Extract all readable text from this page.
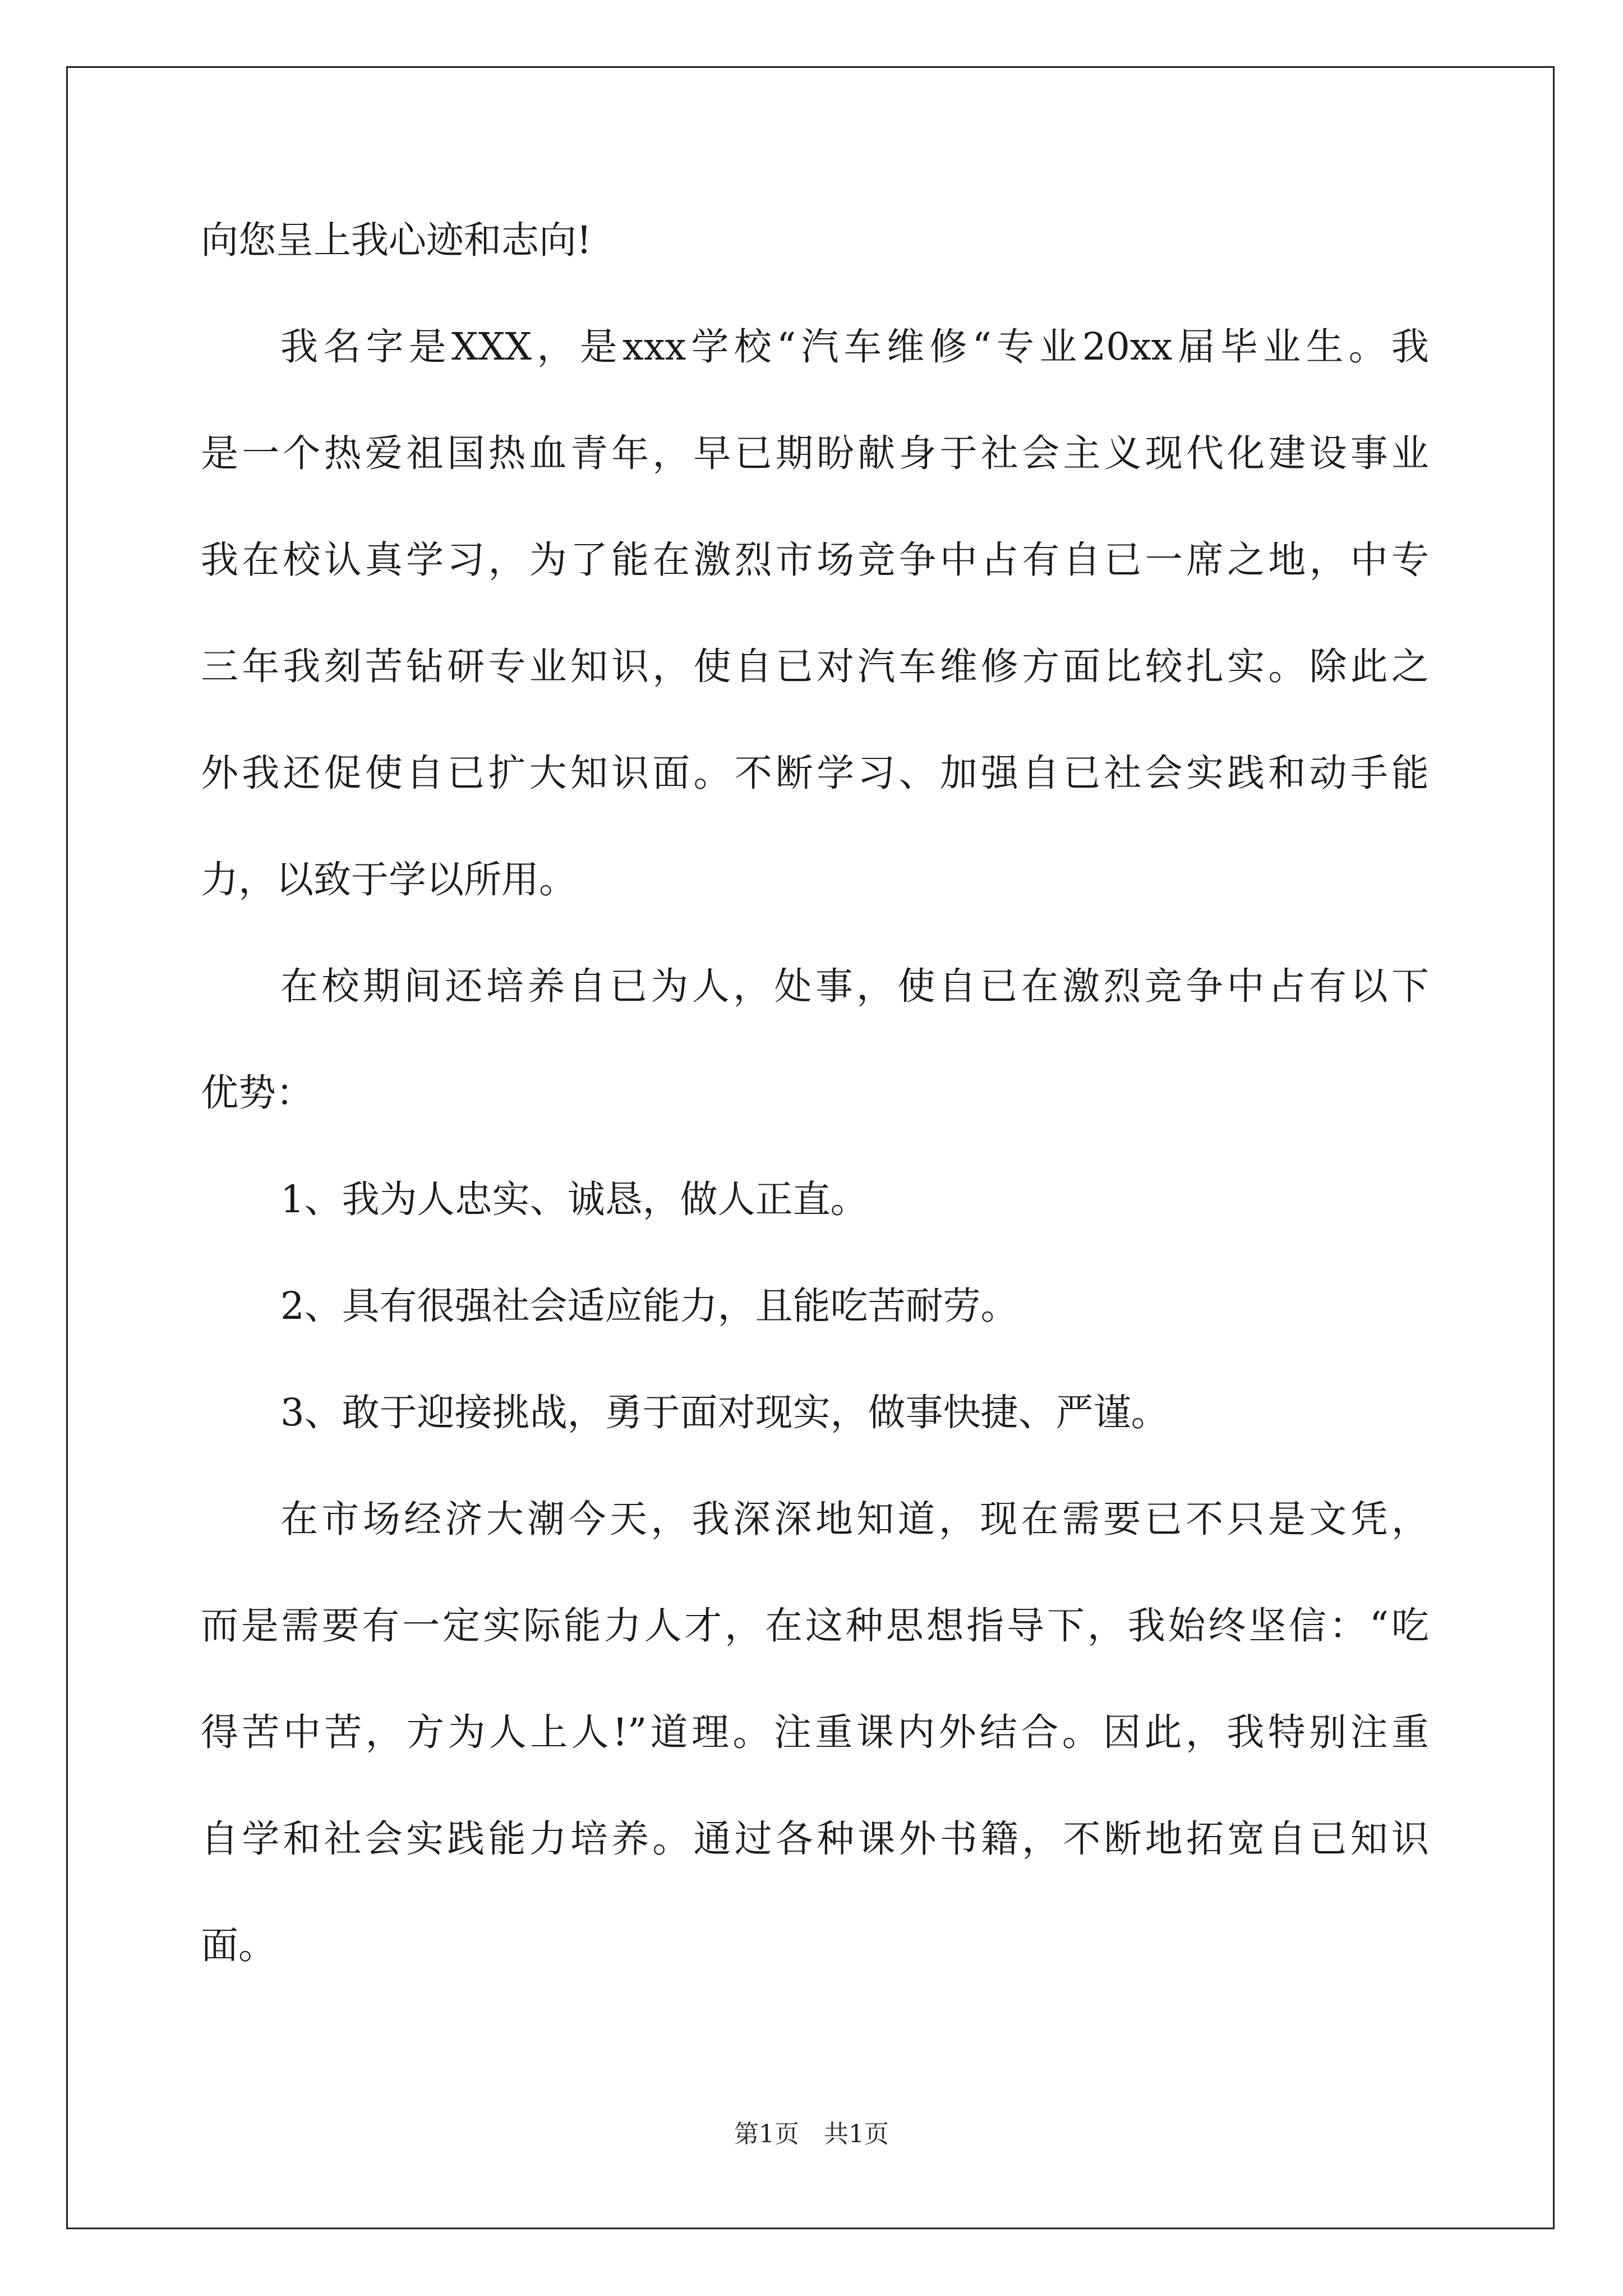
向您呈上我心迹和志向!
我名字是XXX，是xxx学校“汽车维修“专业20xx届毕业生。我
是一个热爱祖国热血青年，早已期盼献身于社会主义现代化建设事业
我在校认真学习，为了能在激烈市场竞争中占有自已一席之地，中专
三年我刻苦钻研专业知识，使自已对汽车维修方面比较扎实。除此之
外我还促使自已扩大知识面。不断学习、加强自已社会实践和动手能
力，以致于学以所用。
在校期间还培养自已为人，处事，使自已在激烈竞争中占有以下
优势：
1、我为人忠实、诚恳，做人正直。
2、具有很强社会适应能力，且能吃苦耐劳。
3、敢于迎接挑战，勇于面对现实，做事快捷、严谨。
在市场经济大潮今天，我深深地知道，现在需要已不只是文凭，
而是需要有一定实际能力人才，在这种思想指导下，我始终坚信：“吃
得苦中苦，方为人上人!”道理。注重课内外结合。因此，我特别注重
自学和社会实践能力培养。通过各种课外书籍，不断地拓宽自已知识
面。
第1页 共1页
